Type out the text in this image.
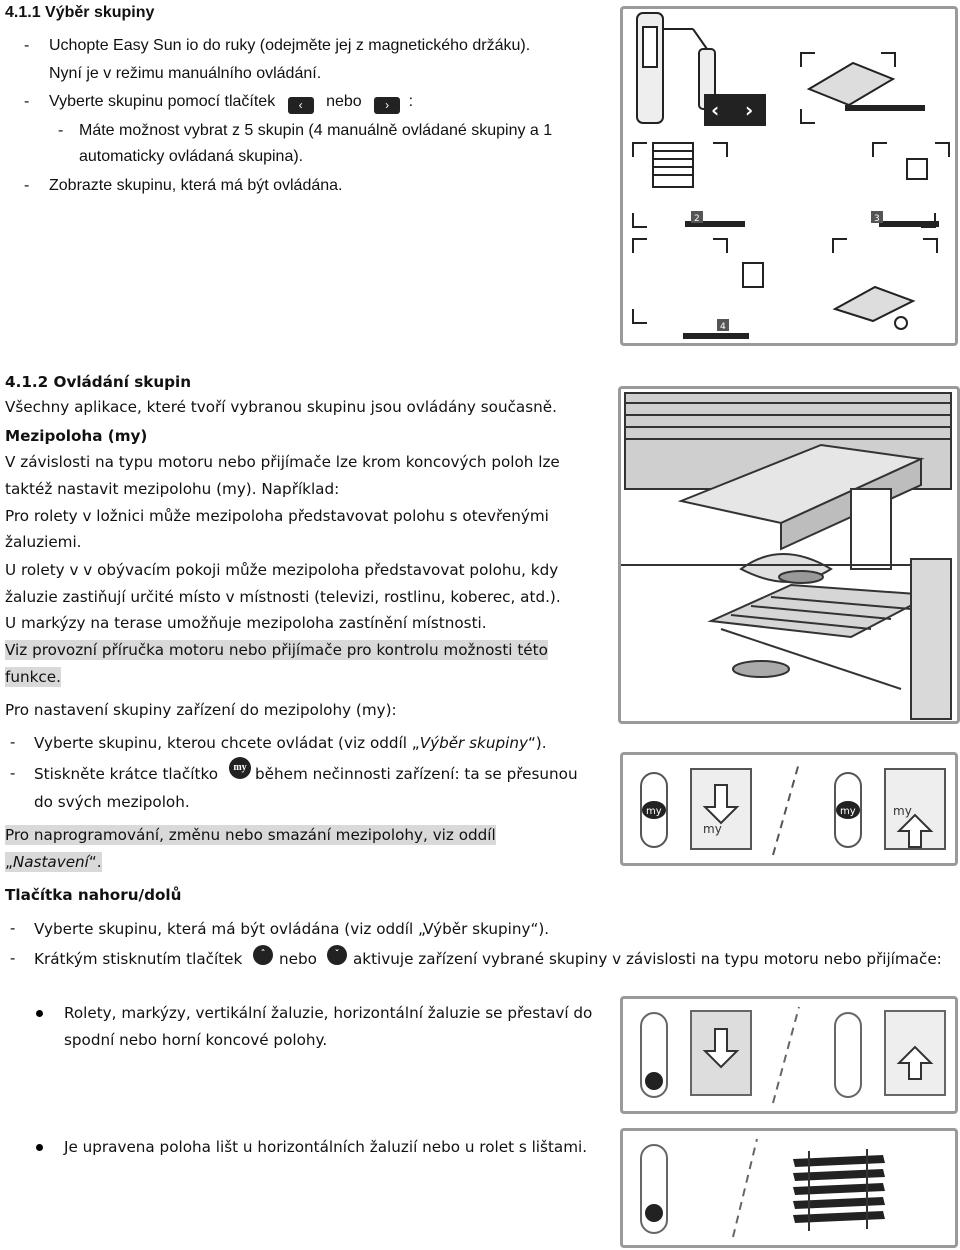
4.1.1 Výběr skupiny
- Uchopte Easy Sun io do ruky (odejměte jej z magnetického držáku).
Nyní je v režimu manuálního ovládání.
- Vyberte skupinu pomocí tlačítek ‹ nebo › :
- Máte možnost vybrat z 5 skupin (4 manuálně ovládané skupiny a 1
automaticky ovládaná skupina).
- Zobrazte skupinu, která má být ovládána.
‹ ›
2	3
4
4.1.2 Ovládání skupin
Všechny aplikace, které tvoří vybranou skupinu jsou ovládány současně.
Mezipoloha (my)
V závislosti na typu motoru nebo přijímače lze krom koncových poloh lze
taktéž nastavit mezipolohu (my). Například:
Pro rolety v ložnici může mezipoloha představovat polohu s otevřenými
žaluziemi.
U rolety v v obývacím pokoji může mezipoloha představovat polohu, kdy
žaluzie zastiňují určité místo v místnosti (televizi, rostlinu, koberec, atd.).
U markýzy na terase umožňuje mezipoloha zastínění místnosti.
Viz provozní příručka motoru nebo přijímače pro kontrolu možnosti této
funkce.
Pro nastavení skupiny zařízení do mezipolohy (my):
- Vyberte skupinu, kterou chcete ovládat (viz oddíl „Výběr skupiny“).
- Stiskněte krátce tlačítko	my během nečinnosti zařízení: ta se přesunou
do svých mezipoloh.
Pro naprogramování, změnu nebo smazání mezipolohy, viz oddíl
„Nastavení“.
my	my
my
my
Tlačítka nahoru/dolů
- Vyberte skupinu, která má být ovládána (viz oddíl „Výběr skupiny“).
- Krátkým stisknutím tlačítek	ˆ nebo	ˇ aktivuje zařízení vybrané skupiny v závislosti na typu motoru nebo přijímače:
Rolety, markýzy, vertikální žaluzie, horizontální žaluzie se přestaví do
spodní nebo horní koncové polohy.
Je upravena poloha lišt u horizontálních žaluzií nebo u rolet s lištami.
